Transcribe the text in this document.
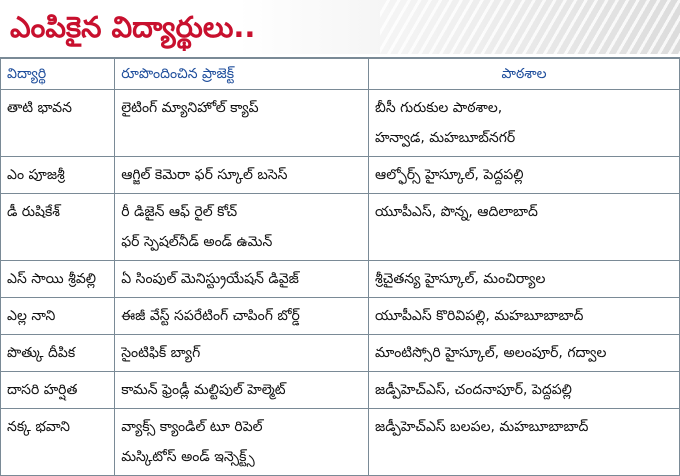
ఎంపికైన విద్యార్థులు..
విద్యార్థి	రూపొందించిన ప్రాజెక్ట్	పాఠశాల

తాటి భావన	లైటింగ్ మ్యానిహోల్ క్యాప్	బీసీ గురుకుల పాఠశాల,
హన్వాడ, మహబూబ్‌నగర్

ఎం పూజశ్రీ	ఆగ్జిల్ కెమెరా ఫర్ స్కూల్ బసెస్	ఆల్ఫోర్స్ హైస్కూల్, పెద్దపల్లి

డీ రుషికేశ్	రీ డిజైన్ ఆఫ్ రైల్ కోచ్
ఫర్ స్పెషల్‌నీడ్ అండ్ ఉమెన్	యూపీఎస్, పొన్న, ఆదిలాబాద్

ఎస్ సాయి శ్రీవల్లి	ఏ సింపుల్ మెనిస్ట్రుయేషన్ డివైజ్	శ్రీచైతన్య హైస్కూల్, మంచిర్యాల

ఎల్ల నాని	ఈజీ వేస్ట్ సపరేటింగ్ చాపింగ్ బోర్డ్	యూపీఎస్ కొరివిపల్లి, మహబూబాబాద్

పొత్కు దీపిక	సైంటిఫిక్ బ్యాగ్	మాంటిస్సోరి హైస్కూల్, అలంపూర్, గద్వాల

దాసరి హర్షిత	కామన్ ఫ్రెండ్లీ మల్టిపుల్ హెల్మెట్	జడ్పీహెచ్ఎస్, చందనాపూర్, పెద్దపల్లి

నక్క భవాని	వ్యాక్స్ క్యాండిల్ టూ రిపెల్
మస్కిటోస్ అండ్ ఇన్సెక్ట్స్	జడ్పీహెచ్ఎస్ బలపల, మహబూబాబాద్
